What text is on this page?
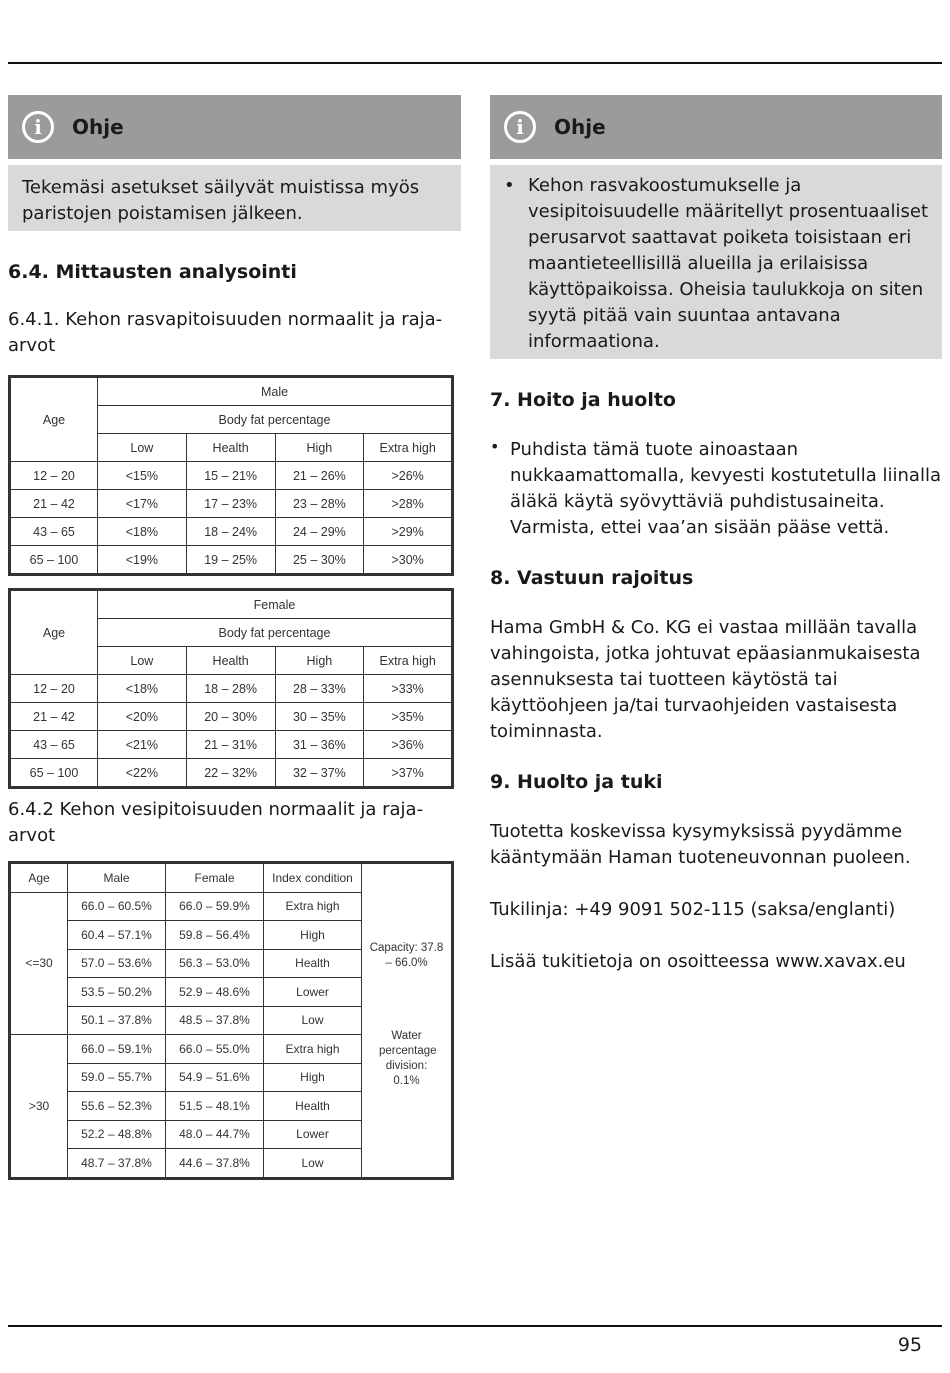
i	Ohje

Tekemäsi asetukset säilyvät muistissa myös paristojen poistamisen jälkeen.

6.4. Mittausten analysointi

6.4.1. Kehon rasvapitoisuuden normaalit ja raja-arvot

Age	Male			
	Body fat percentage			
	Low	Health	High	Extra high
12 – 20	<15%	15 – 21%	21 – 26%	>26%
21 – 42	<17%	17 – 23%	23 – 28%	>28%
43 – 65	<18%	18 – 24%	24 – 29%	>29%
65 – 100	<19%	19 – 25%	25 – 30%	>30%
Age	Female			
	Body fat percentage			
	Low	Health	High	Extra high
12 – 20	<18%	18 – 28%	28 – 33%	>33%
21 – 42	<20%	20 – 30%	30 – 35%	>35%
43 – 65	<21%	21 – 31%	31 – 36%	>36%
65 – 100	<22%	22 – 32%	32 – 37%	>37%

6.4.2 Kehon vesipitoisuuden normaalit ja raja-arvot

Age	Male	Female	Index condition	Capacity: 37.8 – 66.0%
Water percentage division: 0.1%

<=30	66.0 – 60.5%	66.0 – 59.9%	Extra high	
	60.4 – 57.1%	59.8 – 56.4%	High	
	57.0 – 53.6%	56.3 – 53.0%	Health	
	53.5 – 50.2%	52.9 – 48.6%	Lower	
	50.1 – 37.8%	48.5 – 37.8%	Low	
>30	66.0 – 59.1%	66.0 – 55.0%	Extra high	
	59.0 – 55.7%	54.9 – 51.6%	High	
	55.6 – 52.3%	51.5 – 48.1%	Health	
	52.2 – 48.8%	48.0 – 44.7%	Lower	
	48.7 – 37.8%	44.6 – 37.8%	Low	
i	Ohje
• Kehon rasvakoostumukselle ja vesipitoisuudelle määritellyt prosentuaaliset perusarvot saattavat poiketa toisistaan eri maantieteellisillä alueilla ja erilaisissa käyttöpaikoissa. Oheisia taulukkoja on siten syytä pitää vain suuntaa antavana informaationa.

7. Hoito ja huolto
• Puhdista tämä tuote ainoastaan nukkaamattomalla, kevyesti kostutetulla liinalla äläkä käytä syövyttäviä puhdistusaineita. Varmista, ettei vaa’an sisään pääse vettä.

8. Vastuun rajoitus

Hama GmbH & Co. KG ei vastaa millään tavalla vahingoista, jotka johtuvat epäasianmukaisesta asennuksesta tai tuotteen käytöstä tai käyttöohjeen ja/tai turvaohjeiden vastaisesta toiminnasta.

9. Huolto ja tuki

Tuotetta koskevissa kysymyksissä pyydämme kääntymään Haman tuoteneuvonnan puoleen.

Tukilinja: +49 9091 502-115 (saksa/englanti)

Lisää tukitietoja on osoitteessa www.xavax.eu

95
